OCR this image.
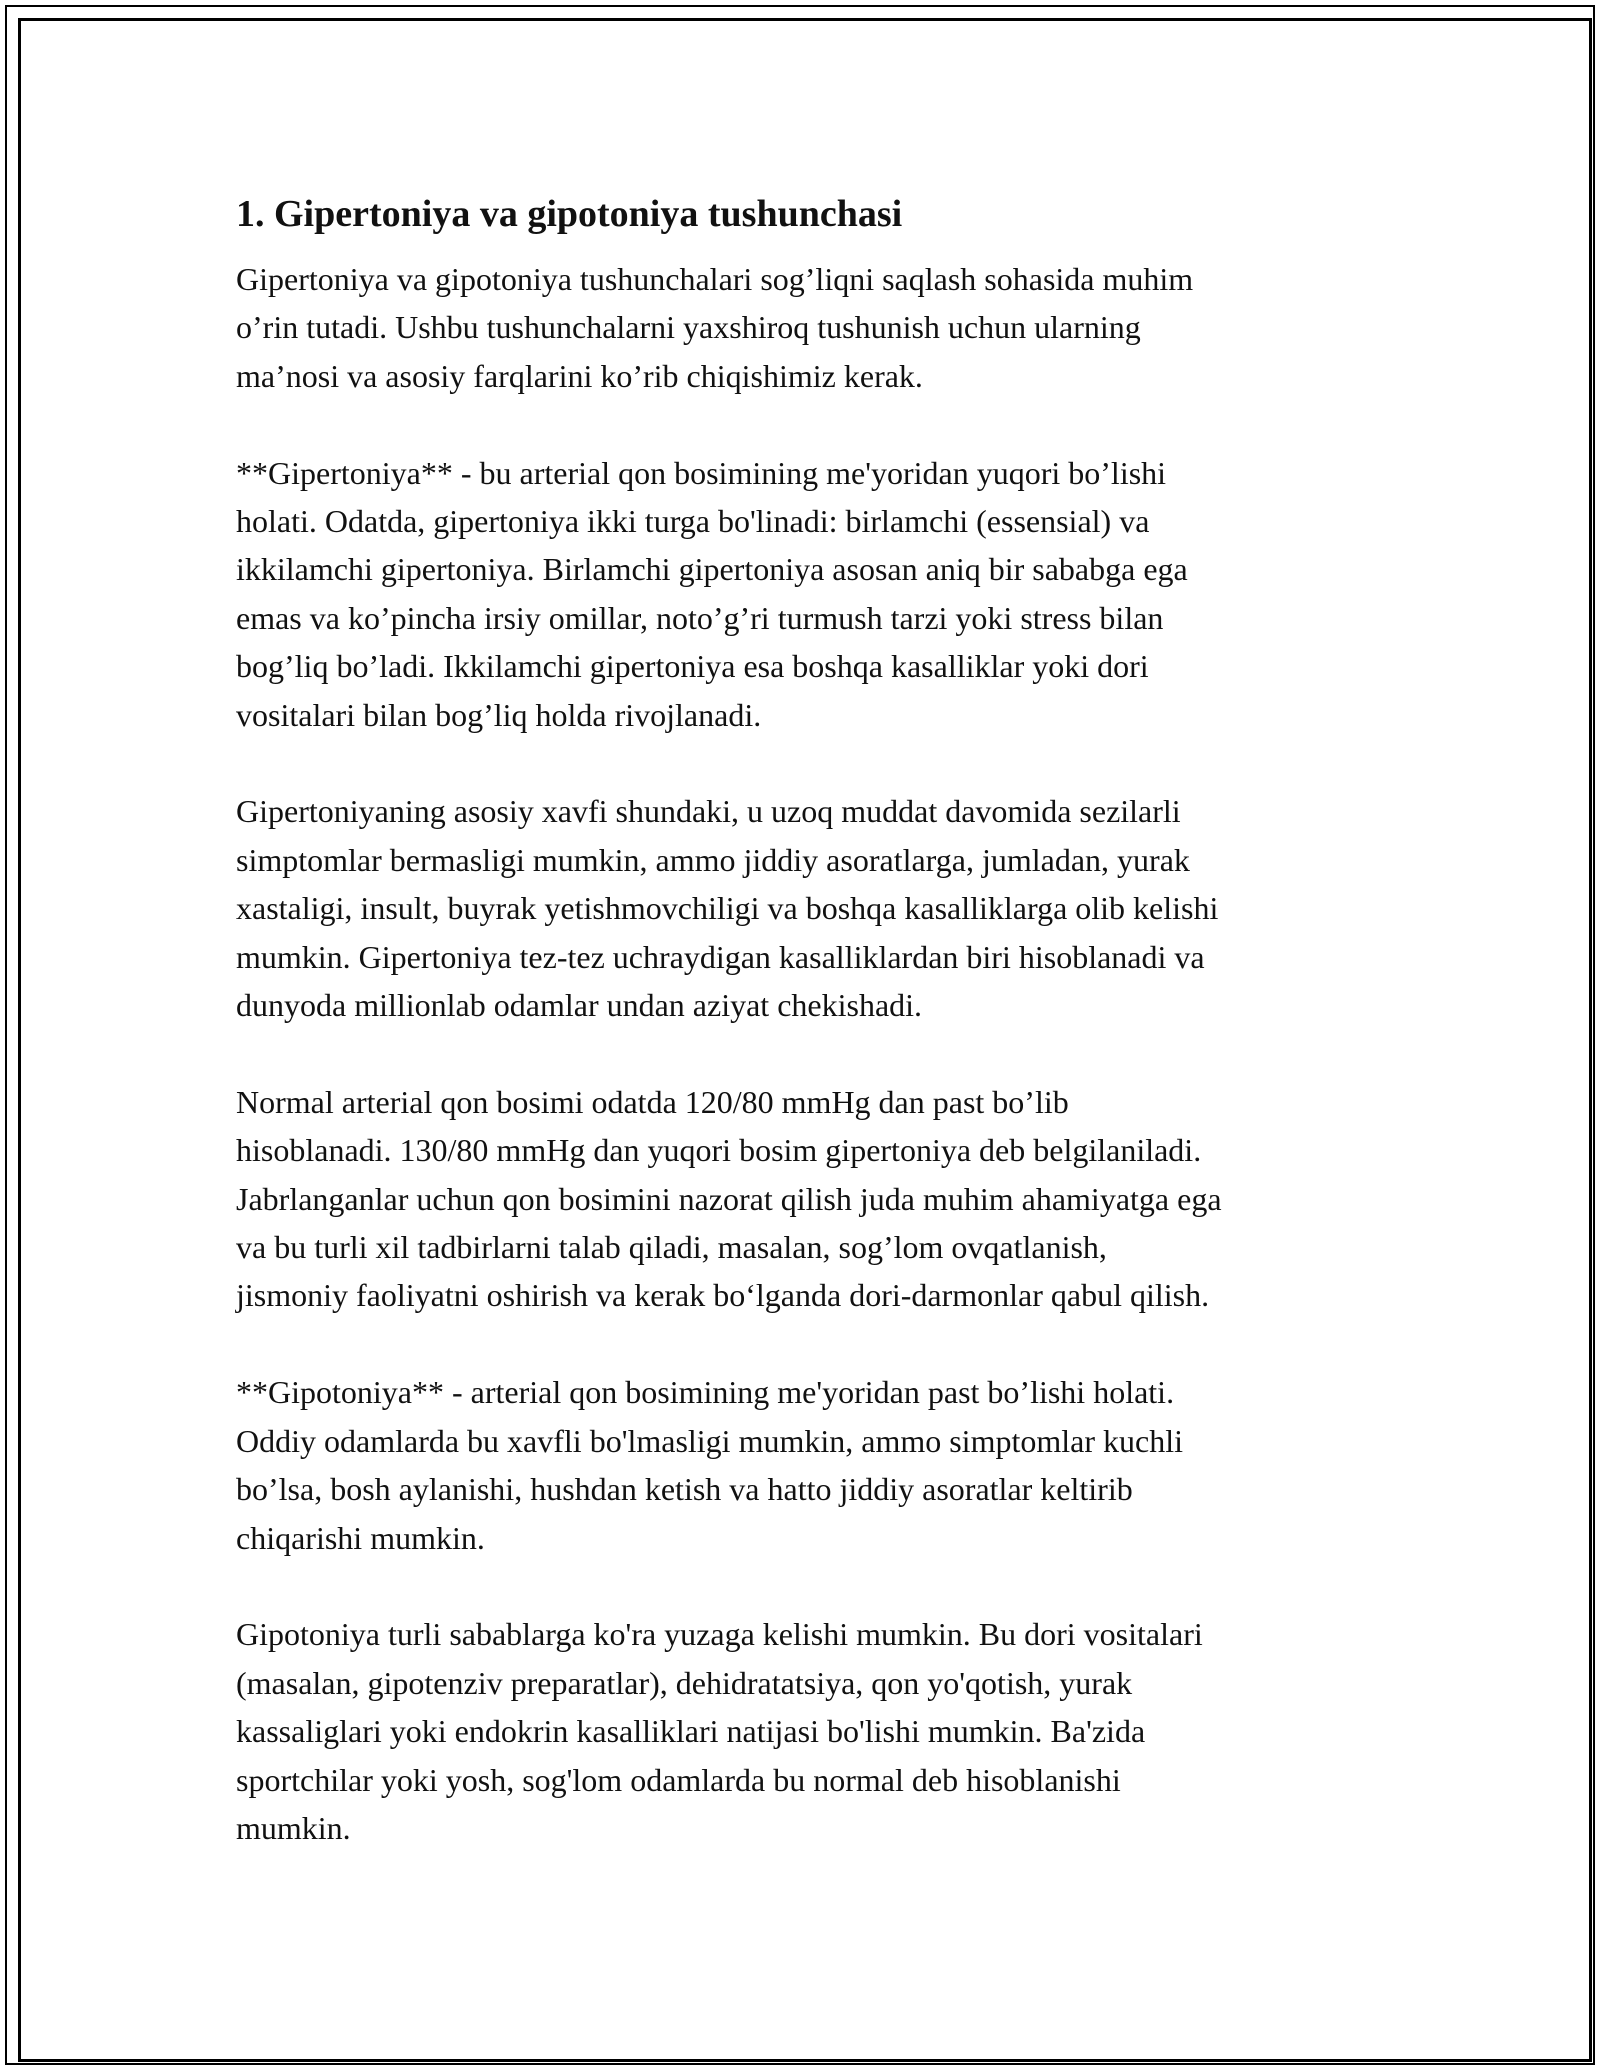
1. Gipertoniya va gipotoniya tushunchasi

Gipertoniya va gipotoniya tushunchalari sog’liqni saqlash sohasida muhim
o’rin tutadi. Ushbu tushunchalarni yaxshiroq tushunish uchun ularning
ma’nosi va asosiy farqlarini ko’rib chiqishimiz kerak.

**Gipertoniya** - bu arterial qon bosimining me'yoridan yuqori bo’lishi
holati. Odatda, gipertoniya ikki turga bo'linadi: birlamchi (essensial) va
ikkilamchi gipertoniya. Birlamchi gipertoniya asosan aniq bir sababga ega
emas va ko’pincha irsiy omillar, noto’g’ri turmush tarzi yoki stress bilan
bog’liq bo’ladi. Ikkilamchi gipertoniya esa boshqa kasalliklar yoki dori
vositalari bilan bog’liq holda rivojlanadi.

Gipertoniyaning asosiy xavfi shundaki, u uzoq muddat davomida sezilarli
simptomlar bermasligi mumkin, ammo jiddiy asoratlarga, jumladan, yurak
xastaligi, insult, buyrak yetishmovchiligi va boshqa kasalliklarga olib kelishi
mumkin. Gipertoniya tez-tez uchraydigan kasalliklardan biri hisoblanadi va
dunyoda millionlab odamlar undan aziyat chekishadi.

Normal arterial qon bosimi odatda 120/80 mmHg dan past bo’lib
hisoblanadi. 130/80 mmHg dan yuqori bosim gipertoniya deb belgilaniladi.
Jabrlanganlar uchun qon bosimini nazorat qilish juda muhim ahamiyatga ega
va bu turli xil tadbirlarni talab qiladi, masalan, sog’lom ovqatlanish,
jismoniy faoliyatni oshirish va kerak bo‘lganda dori-darmonlar qabul qilish.

**Gipotoniya** - arterial qon bosimining me'yoridan past bo’lishi holati.
Oddiy odamlarda bu xavfli bo'lmasligi mumkin, ammo simptomlar kuchli
bo’lsa, bosh aylanishi, hushdan ketish va hatto jiddiy asoratlar keltirib
chiqarishi mumkin.

Gipotoniya turli sabablarga ko'ra yuzaga kelishi mumkin. Bu dori vositalari
(masalan, gipotenziv preparatlar), dehidratatsiya, qon yo'qotish, yurak
kassaliglari yoki endokrin kasalliklari natijasi bo'lishi mumkin. Ba'zida
sportchilar yoki yosh, sog'lom odamlarda bu normal deb hisoblanishi
mumkin.
